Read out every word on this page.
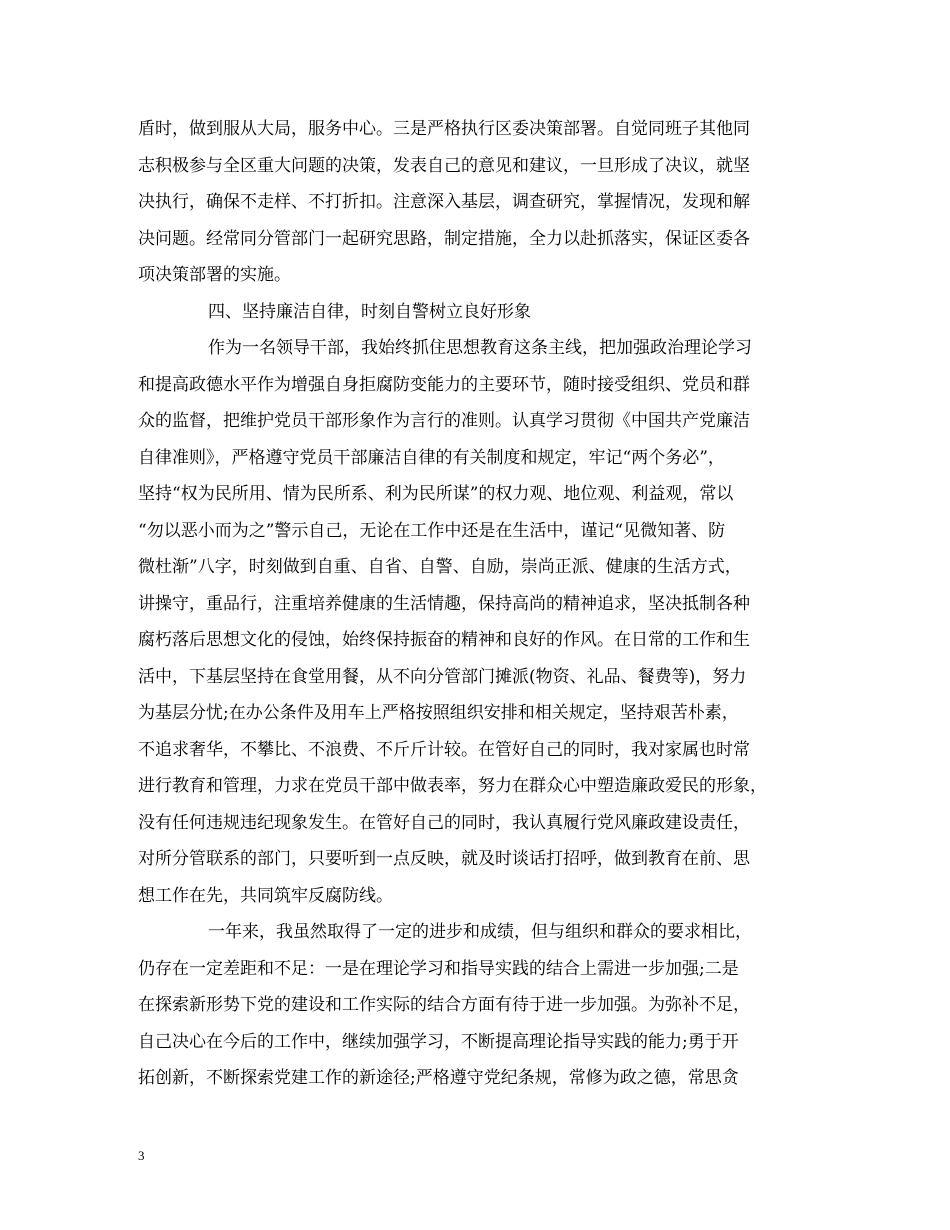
盾时，做到服从大局，服务中心。三是严格执行区委决策部署。自觉同班子其他同
志积极参与全区重大问题的决策，发表自己的意见和建议，一旦形成了决议，就坚
决执行，确保不走样、不打折扣。注意深入基层，调查研究，掌握情况，发现和解
决问题。经常同分管部门一起研究思路，制定措施，全力以赴抓落实，保证区委各
项决策部署的实施。
四、坚持廉洁自律，时刻自警树立良好形象
作为一名领导干部，我始终抓住思想教育这条主线，把加强政治理论学习
和提高政德水平作为增强自身拒腐防变能力的主要环节，随时接受组织、党员和群
众的监督，把维护党员干部形象作为言行的准则。认真学习贯彻《中国共产党廉洁
自律准则》，严格遵守党员干部廉洁自律的有关制度和规定，牢记“两个务必”，
坚持“权为民所用、情为民所系、利为民所谋”的权力观、地位观、利益观，常以
“勿以恶小而为之”警示自己，无论在工作中还是在生活中，谨记“见微知著、防
微杜渐”八字，时刻做到自重、自省、自警、自励，崇尚正派、健康的生活方式，
讲操守，重品行，注重培养健康的生活情趣，保持高尚的精神追求，坚决抵制各种
腐朽落后思想文化的侵蚀，始终保持振奋的精神和良好的作风。在日常的工作和生
活中，下基层坚持在食堂用餐，从不向分管部门摊派(物资、礼品、餐费等)，努力
为基层分忧;在办公条件及用车上严格按照组织安排和相关规定，坚持艰苦朴素，
不追求奢华，不攀比、不浪费、不斤斤计较。在管好自己的同时，我对家属也时常
进行教育和管理，力求在党员干部中做表率，努力在群众心中塑造廉政爱民的形象，
没有任何违规违纪现象发生。在管好自己的同时，我认真履行党风廉政建设责任，
对所分管联系的部门，只要听到一点反映，就及时谈话打招呼，做到教育在前、思
想工作在先，共同筑牢反腐防线。
一年来，我虽然取得了一定的进步和成绩，但与组织和群众的要求相比，
仍存在一定差距和不足：一是在理论学习和指导实践的结合上需进一步加强;二是
在探索新形势下党的建设和工作实际的结合方面有待于进一步加强。为弥补不足，
自己决心在今后的工作中，继续加强学习，不断提高理论指导实践的能力;勇于开
拓创新，不断探索党建工作的新途径;严格遵守党纪条规，常修为政之德，常思贪
3
